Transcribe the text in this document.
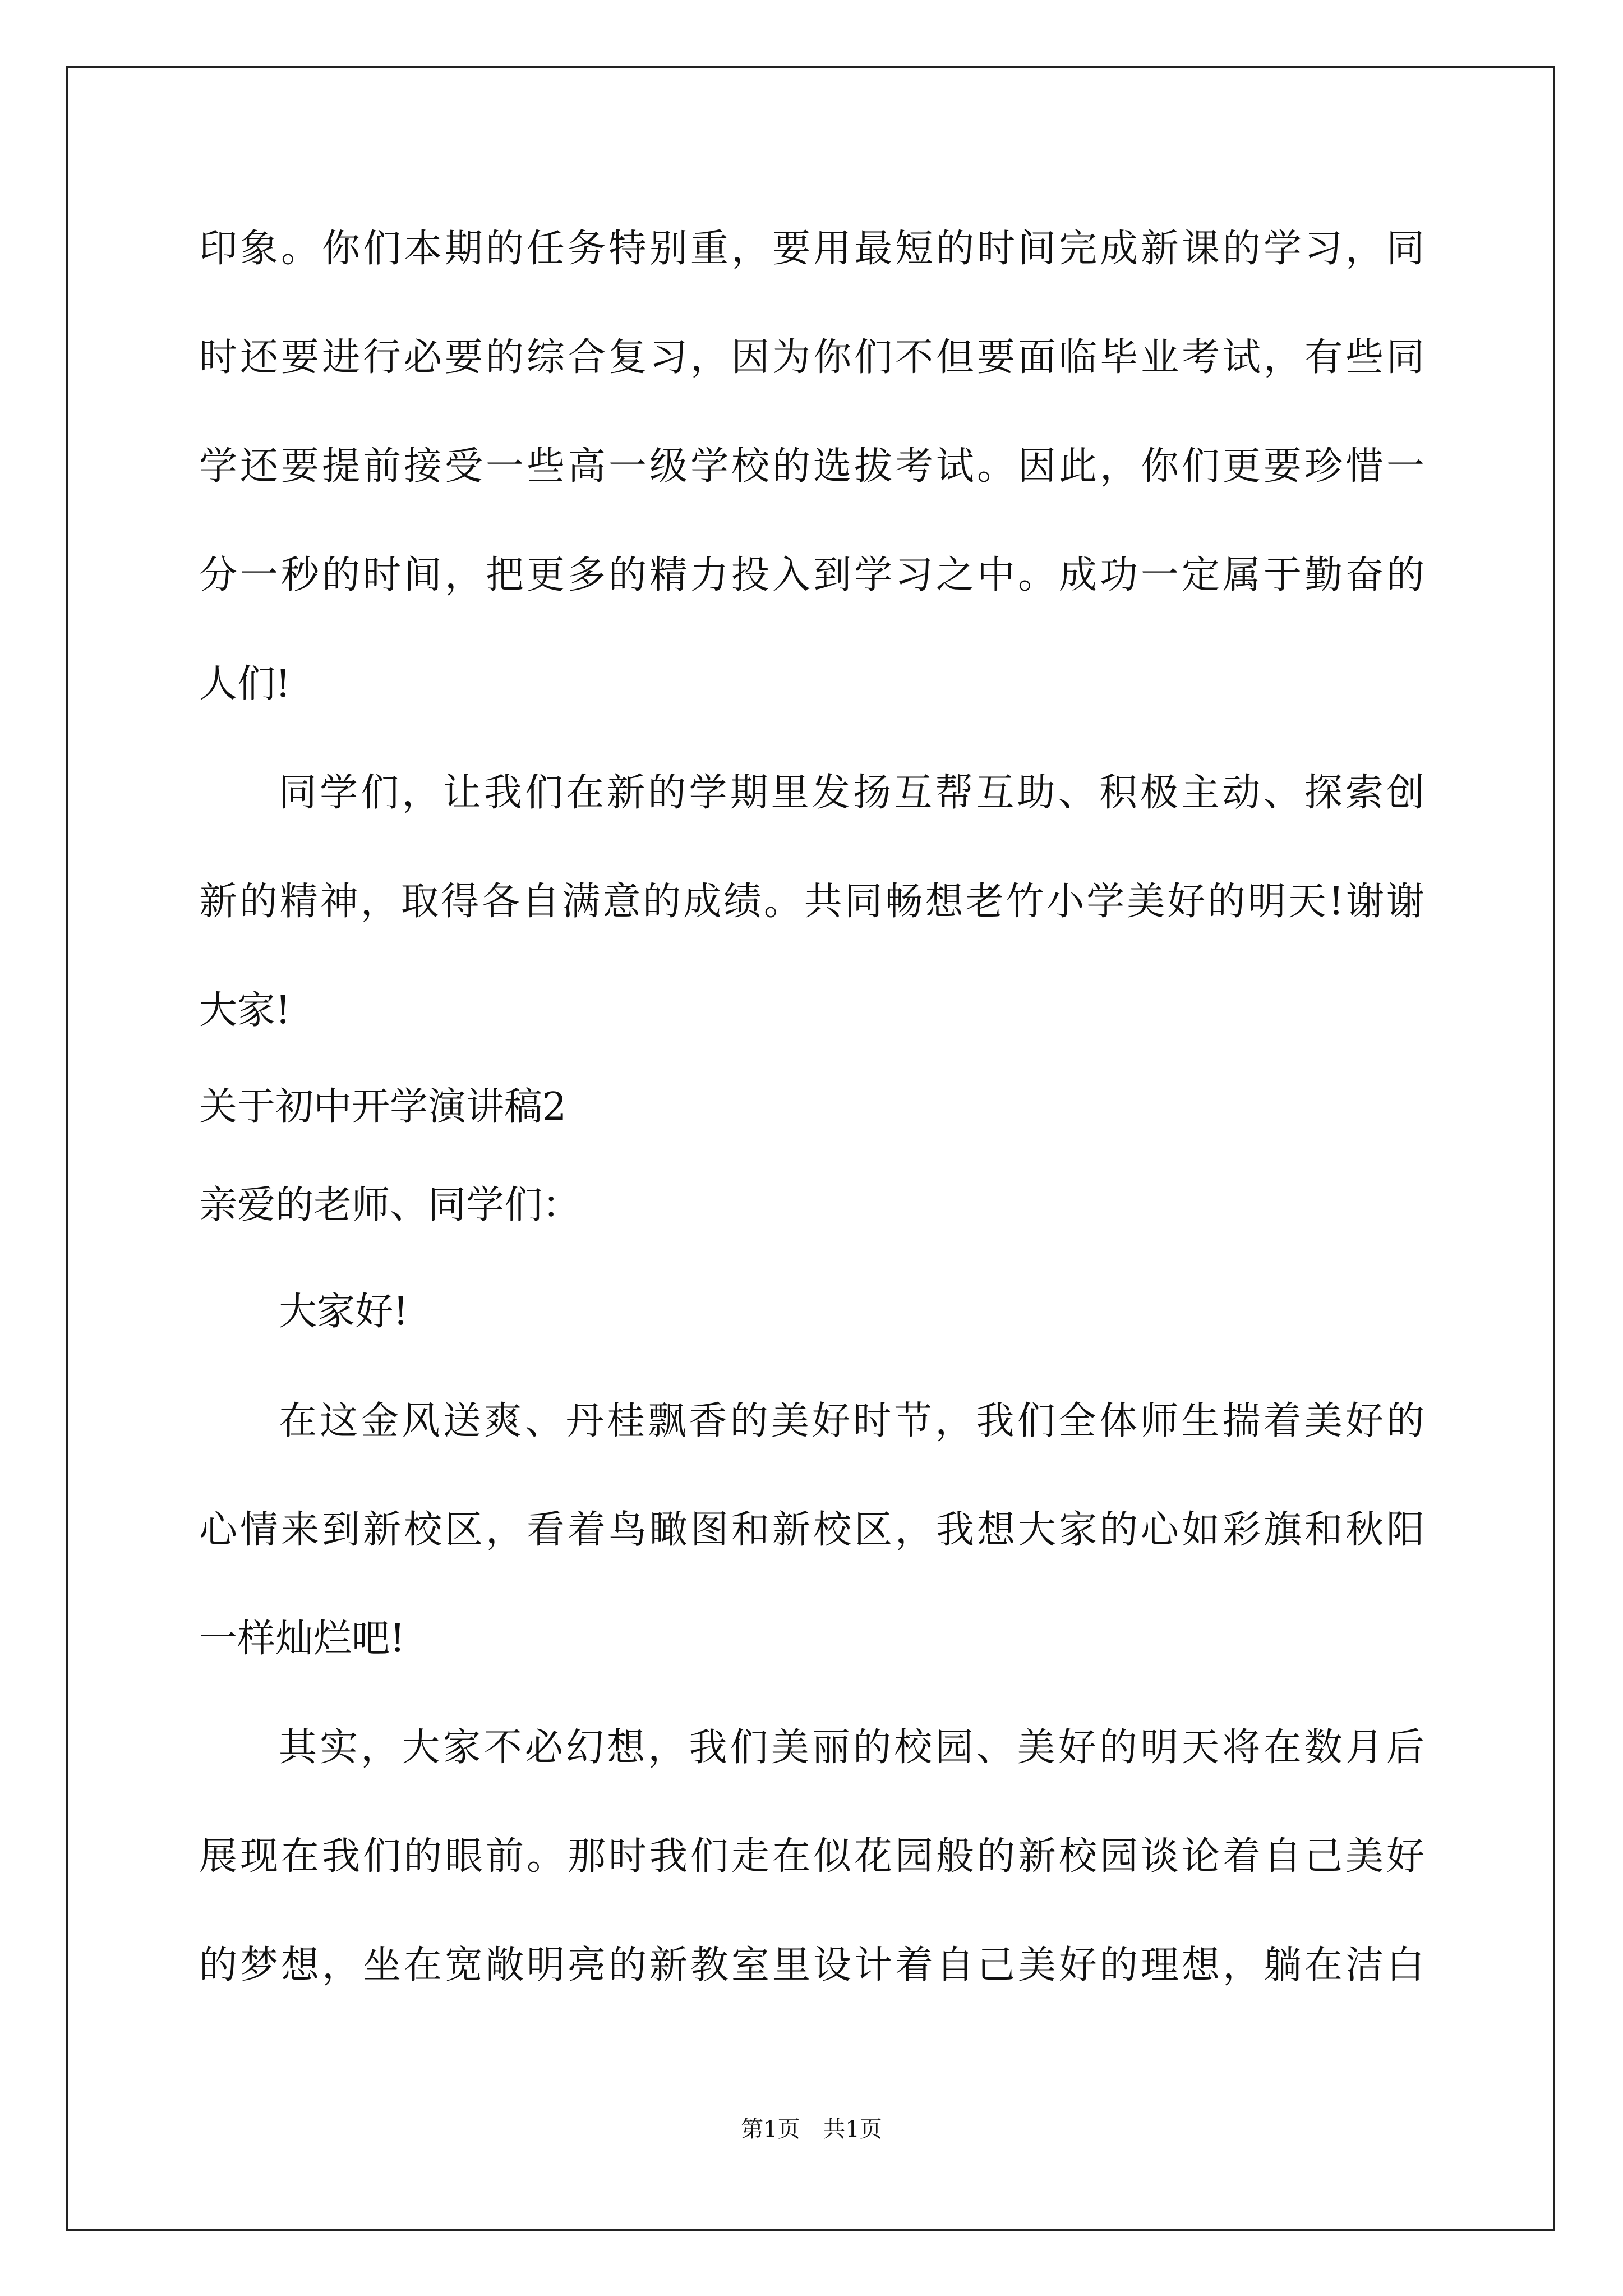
印象。你们本期的任务特别重，要用最短的时间完成新课的学习，同
时还要进行必要的综合复习，因为你们不但要面临毕业考试，有些同
学还要提前接受一些高一级学校的选拔考试。因此，你们更要珍惜一
分一秒的时间，把更多的精力投入到学习之中。成功一定属于勤奋的
人们!
同学们，让我们在新的学期里发扬互帮互助、积极主动、探索创
新的精神，取得各自满意的成绩。共同畅想老竹小学美好的明天!谢谢
大家!
关于初中开学演讲稿2
亲爱的老师、同学们：
大家好!
在这金风送爽、丹桂飘香的美好时节，我们全体师生揣着美好的
心情来到新校区，看着鸟瞰图和新校区，我想大家的心如彩旗和秋阳
一样灿烂吧!
其实，大家不必幻想，我们美丽的校园、美好的明天将在数月后
展现在我们的眼前。那时我们走在似花园般的新校园谈论着自己美好
的梦想，坐在宽敞明亮的新教室里设计着自己美好的理想，躺在洁白
第1页 共1页
